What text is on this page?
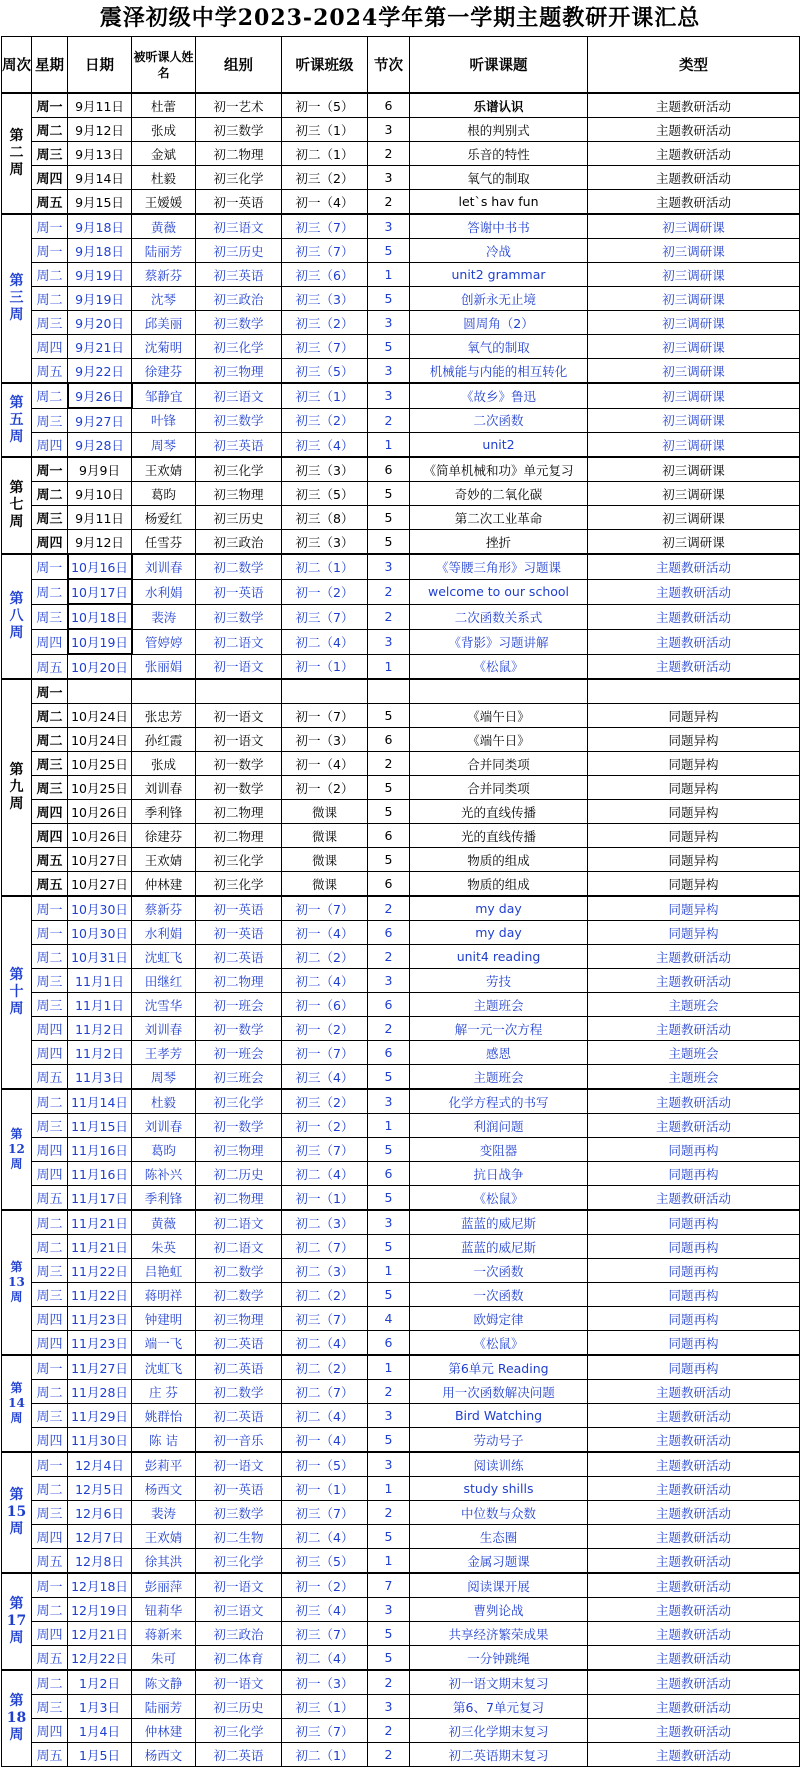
震泽初级中学2023-2024学年第一学期主题教研开课汇总
周次	星期	日期	被听课人姓名	组别	听课班级	节次	听课课题	类型
第
二
周	周一	9月11日	杜蕾	初一艺术	初一（5）	6	乐谱认识	主题教研活动
	周二	9月12日	张成	初三数学	初三（1）	3	根的判别式	主题教研活动
	周三	9月13日	金斌	初二物理	初二（1）	2	乐音的特性	主题教研活动
	周四	9月14日	杜毅	初三化学	初三（2）	3	氧气的制取	主题教研活动
	周五	9月15日	王嫒媛	初一英语	初一（4）	2	let`s hav fun	主题教研活动
第
三
周	周一	9月18日	黄薇	初三语文	初三（7）	3	答谢中书书	初三调研课
	周一	9月18日	陆丽芳	初三历史	初三（7）	5	冷战	初三调研课
	周二	9月19日	蔡新芬	初三英语	初三（6）	1	unit2 grammar	初三调研课
	周二	9月19日	沈琴	初三政治	初三（3）	5	创新永无止境	初三调研课
	周三	9月20日	邱美丽	初三数学	初三（2）	3	圆周角（2）	初三调研课
	周四	9月21日	沈菊明	初三化学	初三（7）	5	氧气的制取	初三调研课
	周五	9月22日	徐建芬	初三物理	初三（5）	3	机械能与内能的相互转化	初三调研课
第
五
周	周二	9月26日	邹静宜	初三语文	初三（1）	3	《故乡》鲁迅	初三调研课
	周三	9月27日	叶锋	初三数学	初三（2）	2	二次函数	初三调研课
	周四	9月28日	周琴	初三英语	初三（4）	1	unit2	初三调研课
第
七
周	周一	9月9日	王欢婧	初三化学	初三（3）	6	《简单机械和功》单元复习	初三调研课
	周二	9月10日	葛昀	初三物理	初三（5）	5	奇妙的二氧化碳	初三调研课
	周三	9月11日	杨爱红	初三历史	初三（8）	5	第二次工业革命	初三调研课
	周四	9月12日	任雪芬	初三政治	初三（3）	5	挫折	初三调研课
第
八
周	周一	10月16日	刘训春	初二数学	初二（1）	3	《等腰三角形》习题课	主题教研活动
	周二	10月17日	水利娟	初一英语	初一（2）	2	welcome to our school	主题教研活动
	周三	10月18日	裴涛	初三数学	初三（7）	2	二次函数关系式	主题教研活动
	周四	10月19日	管婷婷	初二语文	初二（4）	3	《背影》习题讲解	主题教研活动
	周五	10月20日	张丽娟	初一语文	初一（1）	1	《松鼠》	主题教研活动
第
九
周	周一							
	周二	10月24日	张忠芳	初一语文	初一（7）	5	《端午日》	同题异构
	周二	10月24日	孙红霞	初一语文	初一（3）	6	《端午日》	同题异构
	周三	10月25日	张成	初一数学	初一（4）	2	合并同类项	同题异构
	周三	10月25日	刘训春	初一数学	初一（2）	5	合并同类项	同题异构
	周四	10月26日	季利锋	初二物理	微课	5	光的直线传播	同题异构
	周四	10月26日	徐建芬	初二物理	微课	6	光的直线传播	同题异构
	周五	10月27日	王欢婧	初三化学	微课	5	物质的组成	同题异构
	周五	10月27日	仲林建	初三化学	微课	6	物质的组成	同题异构
第
十
周	周一	10月30日	蔡新芬	初一英语	初一（7）	2	my day	同题异构
	周一	10月30日	水利娟	初一英语	初一（4）	6	my day	同题异构
	周二	10月31日	沈虹飞	初二英语	初二（2）	2	unit4 reading	主题教研活动
	周三	11月1日	田继红	初二物理	初二（4）	3	劳技	主题教研活动
	周三	11月1日	沈雪华	初一班会	初一（6）	6	主题班会	主题班会
	周四	11月2日	刘训春	初一数学	初一（2）	2	解一元一次方程	主题教研活动
	周四	11月2日	王孝芳	初一班会	初一（7）	6	感恩	主题班会
	周五	11月3日	周琴	初三班会	初三（4）	5	主题班会	主题班会
第
12
周	周二	11月14日	杜毅	初三化学	初三（2）	3	化学方程式的书写	主题教研活动
	周三	11月15日	刘训春	初一数学	初一（2）	1	利润问题	主题教研活动
	周四	11月16日	葛昀	初三物理	初三（7）	5	变阻器	同题再构
	周四	11月16日	陈补兴	初二历史	初二（4）	6	抗日战争	同题再构
	周五	11月17日	季利锋	初二物理	初一（1）	5	《松鼠》	主题教研活动
第
13
周	周二	11月21日	黄薇	初二语文	初二（3）	3	蓝蓝的威尼斯	同题再构
	周二	11月21日	朱英	初二语文	初二（7）	5	蓝蓝的威尼斯	同题再构
	周三	11月22日	吕艳虹	初二数学	初二（3）	1	一次函数	同题再构
	周三	11月22日	蒋明祥	初二数学	初二（2）	5	一次函数	同题再构
	周四	11月23日	钟建明	初三物理	初三（7）	4	欧姆定律	同题再构
	周四	11月23日	端一飞	初二英语	初二（4）	6	《松鼠》	同题再构
第
14
周	周一	11月27日	沈虹飞	初二英语	初二（2）	1	第6单元 Reading	同题再构
	周二	11月28日	庄 芬	初二数学	初二（7）	2	用一次函数解决问题	主题教研活动
	周三	11月29日	姚群怡	初二英语	初二（4）	3	Bird Watching	主题教研活动
	周四	11月30日	陈 诘	初一音乐	初一（4）	5	劳动号子	主题教研活动
第
15
周	周一	12月4日	彭莉平	初一语文	初一（5）	3	阅读训练	主题教研活动
	周二	12月5日	杨西文	初一英语	初一（1）	1	study shills	主题教研活动
	周三	12月6日	裴涛	初三数学	初三（7）	2	中位数与众数	主题教研活动
	周四	12月7日	王欢婧	初二生物	初二（4）	5	生态圈	主题教研活动
	周五	12月8日	徐其洪	初三化学	初三（5）	1	金属习题课	主题教研活动
第
17
周	周一	12月18日	彭丽萍	初一语文	初一（2）	7	阅读课开展	主题教研活动
	周二	12月19日	钮莉华	初三语文	初三（4）	3	曹刿论战	主题教研活动
	周四	12月21日	蒋新来	初三政治	初三（7）	5	共享经济繁荣成果	主题教研活动
	周五	12月22日	朱可	初二体育	初二（4）	5	一分钟跳绳	主题教研活动
第
18
周	周二	1月2日	陈文静	初一语文	初一（3）	2	初一语文期末复习	主题教研活动
	周三	1月3日	陆丽芳	初三历史	初三（1）	3	第6、7单元复习	主题教研活动
	周四	1月4日	仲林建	初三化学	初三（7）	2	初三化学期末复习	主题教研活动
	周五	1月5日	杨西文	初二英语	初二（1）	2	初二英语期末复习	主题教研活动
